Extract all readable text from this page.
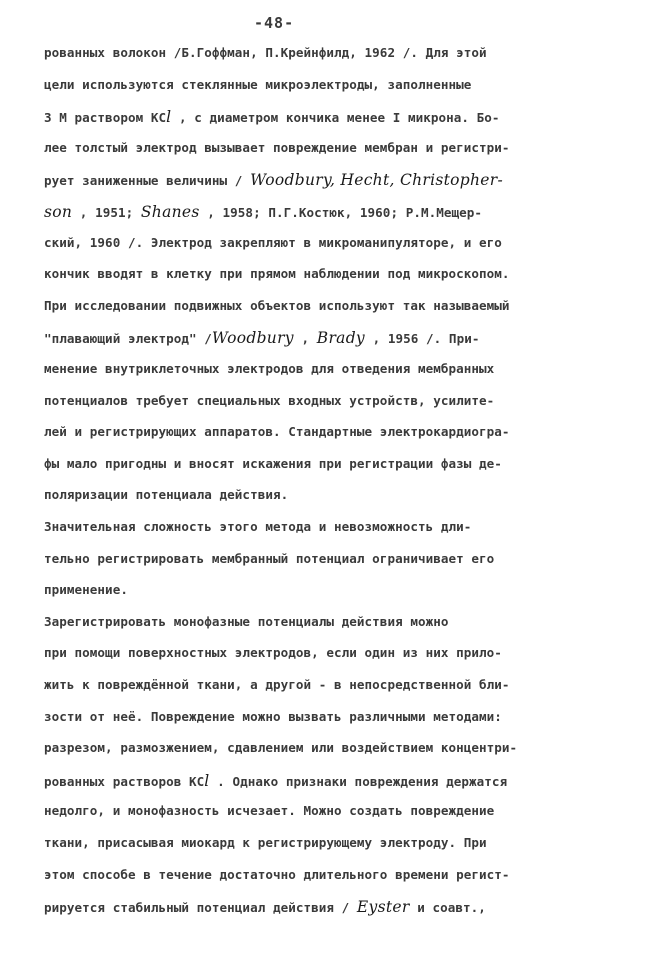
-48-
рованных волокон /Б.Гоффман, П.Крейнфилд, 1962 /. Для этой
цели используются стеклянные микроэлектроды, заполненные
3 М раствором КСl , с диаметром кончика менее I микрона. Бо-
лее толстый электрод вызывает повреждение мембран и регистри-
рует заниженные величины / Woodbury, Hecht, Christopher-
son , 1951; Shanes , 1958; П.Г.Костюк, 1960; Р.М.Мещер-
ский, 1960 /. Электрод закрепляют в микроманипуляторе, и его
кончик вводят в клетку при прямом наблюдении под микроскопом.
При исследовании подвижных объектов используют так называемый
"плавающий электрод" /Woodbury , Brady , 1956 /. При-
менение внутриклеточных электродов для отведения мембранных
потенциалов требует специальных входных устройств, усилите-
лей и регистрирующих аппаратов. Стандартные электрокардиогра-
фы мало пригодны и вносят искажения при регистрации фазы де-
поляризации потенциала действия.
Значительная сложность этого метода и невозможность дли-
тельно регистрировать мембранный потенциал ограничивает его
применение.
Зарегистрировать монофазные потенциалы действия можно
при помощи поверхностных электродов, если один из них прило-
жить к повреждённой ткани, а другой - в непосредственной бли-
зости от неё. Повреждение можно вызвать различными методами:
разрезом, размозжением, сдавлением или воздействием концентри-
рованных растворов КСl . Однако признаки повреждения держатся
недолго, и монофазность исчезает. Можно создать повреждение
ткани, присасывая миокард к регистрирующему электроду. При
этом способе в течение достаточно длительного времени регист-
рируется стабильный потенциал действия / Eyster и соавт.,
